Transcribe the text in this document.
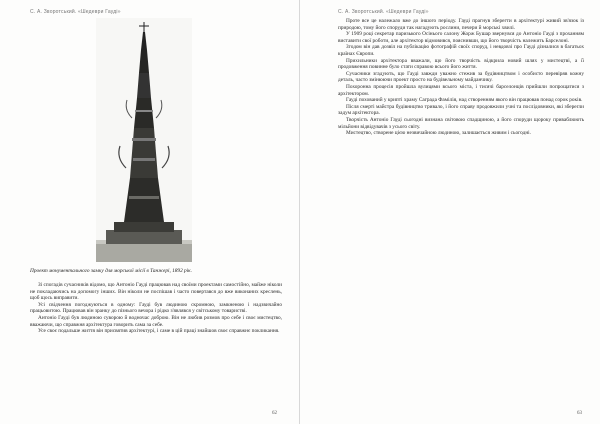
С. А. Зворотський. «Шедеври Гауді»
Проект монументального замку для морської місії в Танжері, 1892 рік.

Зі спогадів сучасників відомо, що Антоніо Гауді працював над своїми проектами самостійно, майже ніколи не покладаючись на допомогу інших. Він ніколи не поспішав і часто повертався до вже виконаних креслень, щоб щось виправити.

Усі свідчення погоджуються в одному: Гауді був людиною скромною, замкненою і надзвичайно працьовитою. Працював він зранку до пізнього вечора і рідко з'являвся у світському товаристві.

Антоніо Гауді був людиною суворою й водночас доброю. Він не любив розмов про себе і своє мистецтво, вважаючи, що справжня архітектура говорить сама за себе.

Усе своє подальше життя він присвятив архітектурі, і саме в цій праці знайшов своє справжнє покликання.

62
С. А. Зворотський. «Шедеври Гауді»

Проте все це належало вже до іншого періоду. Гауді прагнув зберегти в архітектурі живий зв'язок із природою, тому його споруди так нагадують рослини, печери й морські хвилі.

У 1909 році секретар паризького Осінього салону Жорж Бушар звернувся до Антоніо Гауді з проханням виставити свої роботи, але архітектор відмовився, пояснивши, що його творчість належить Барселоні.

Згодом він дав дозвіл на публікацію фотографій своїх споруд, і невдовзі про Гауді дізналися в багатьох країнах Європи.

Прихильники архітектора вважали, що його творчість відкрила новий шлях у мистецтві, а її продовження повинне було стати справою всього його життя.

Сучасники згадують, що Гауді завжди уважно стежив за будівництвом і особисто перевіряв кожну деталь, часто змінюючи проект просто на будівельному майданчику.

Похоронна процесія пройшла вулицями всього міста, і тисячі барселонців прийшли попрощатися з архітектором.

Гауді похований у крипті храму Саграда Фамілія, над створенням якого він працював понад сорок років.

Після смерті майстра будівництво тривало, і його справу продовжили учні та послідовники, які зберегли задум архітектора.

Творчість Антоніо Гауді сьогодні визнана світовою спадщиною, а його споруди щороку приваблюють мільйони відвідувачів з усього світу.

Мистецтво, створене цією незвичайною людиною, залишається живим і сьогодні.

63
